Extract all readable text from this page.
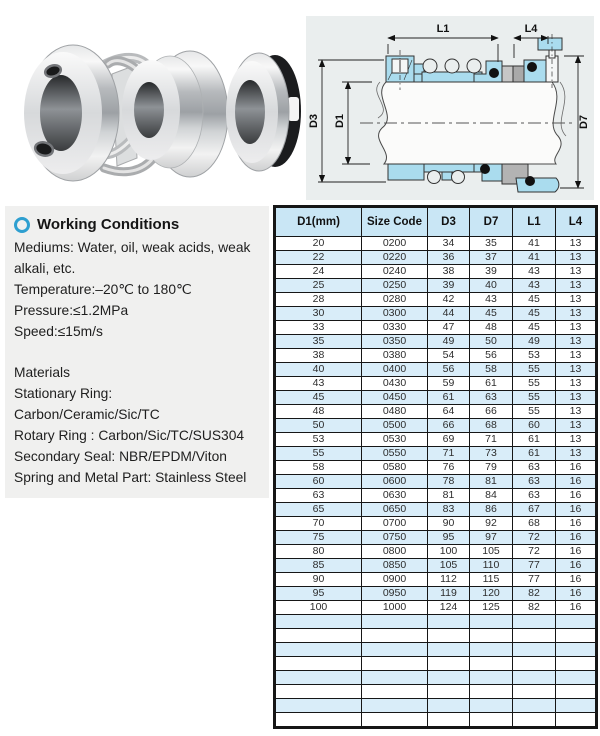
L1	L4
D3 D1	D7
Working Conditions
Mediums: Water, oil, weak acids, weak alkali, etc.
Temperature:–20℃ to 180℃
Pressure:≤1.2MPa
Speed:≤15m/s
Materials
Stationary Ring: Carbon/Ceramic/Sic/TC
Rotary Ring : Carbon/Sic/TC/SUS304
Secondary Seal: NBR/EPDM/Viton
Spring and Metal Part: Stainless Steel
D1(mm)	Size Code	D3	D7	L1	L4
20	0200	34	35	41	13
22	0220	36	37	41	13
24	0240	38	39	43	13
25	0250	39	40	43	13
28	0280	42	43	45	13
30	0300	44	45	45	13
33	0330	47	48	45	13
35	0350	49	50	49	13
38	0380	54	56	53	13
40	0400	56	58	55	13
43	0430	59	61	55	13
45	0450	61	63	55	13
48	0480	64	66	55	13
50	0500	66	68	60	13
53	0530	69	71	61	13
55	0550	71	73	61	13
58	0580	76	79	63	16
60	0600	78	81	63	16
63	0630	81	84	63	16
65	0650	83	86	67	16
70	0700	90	92	68	16
75	0750	95	97	72	16
80	0800	100	105	72	16
85	0850	105	110	77	16
90	0900	112	115	77	16
95	0950	119	120	82	16
100	1000	124	125	82	16
